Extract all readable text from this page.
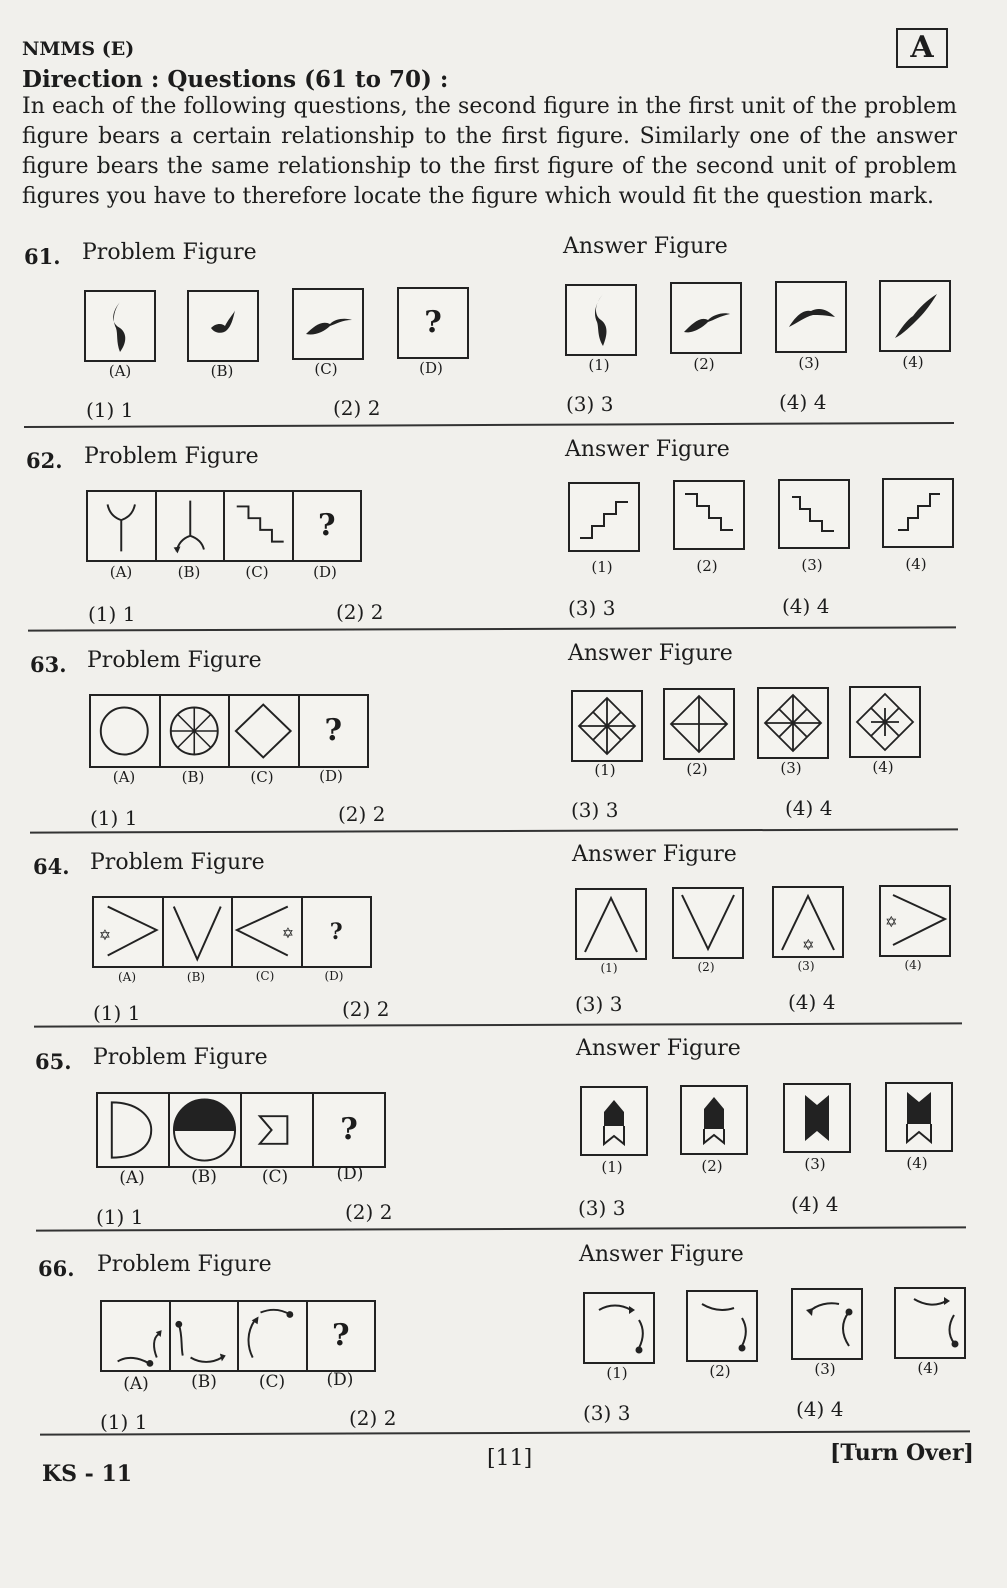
NMMS (E)	A
Direction : Questions (61 to 70) :
In each of the following questions, the second figure in the first unit of the problem figure bears a certain relationship to the first figure. Similarly one of the answer figure bears the same relationship to the first figure of the second unit of problem figures you have to therefore locate the figure which would fit the question mark.
61. Problem Figure	Answer Figure
?
(A)	(B)	(C)	(D)	(1)	(2)	(3)	(4)
(1) 1	(2) 2	(3) 3	(4) 4
62. Problem Figure	Answer Figure
?
(A)	(B)	(C)	(D)	(1)	(2)	(3)	(4)
(1) 1	(2) 2	(3) 3	(4) 4
63. Problem Figure	Answer Figure
?
(A)	(B)	(C)	(D)	(1)	(2)	(3)	(4)
(1) 1	(2) 2	(3) 3	(4) 4
64. Problem Figure	Answer Figure
✡	✡	?
(A)	(B)	(C)	(D)
✡
✡
(1)	(2)	(3)	(4)
(1) 1	(2) 2	(3) 3	(4) 4
65. Problem Figure	Answer Figure
?
(A)	(B)	(C)	(D)	(1)	(2)	(3)	(4)
(1) 1	(2) 2	(3) 3	(4) 4
66. Problem Figure	Answer Figure
?
(A)	(B)	(C)	(D)	(1)	(2)	(3)	(4)
(1) 1	(2) 2	(3) 3	(4) 4
KS - 11
[11]	[Turn Over]
